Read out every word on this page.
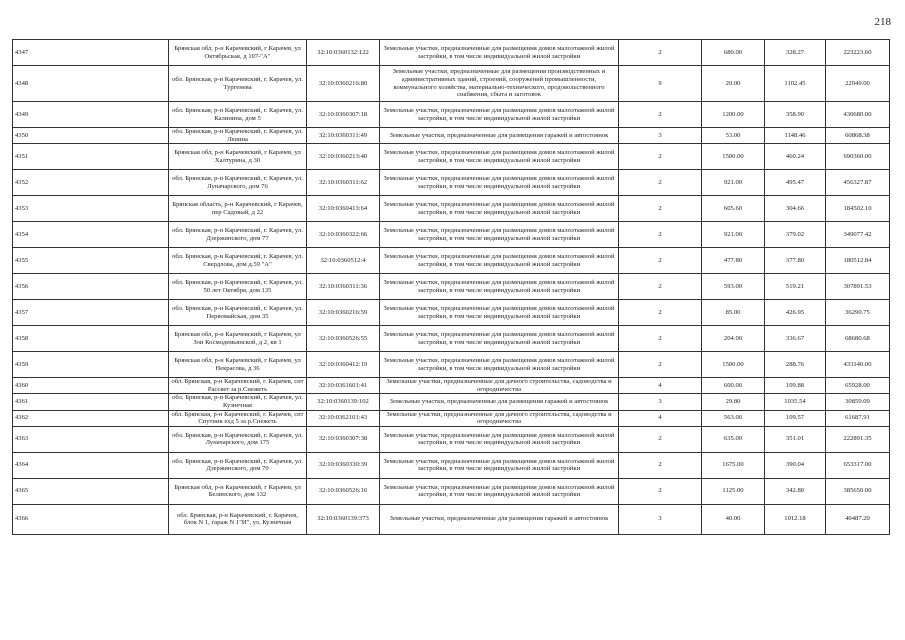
218
4347	Брянская обл, р-н Карачевский, г Карачев, ул Октябрьская, д 107-"А"	32:10:0360132:122	Земельные участки, предназначенные для размещения домов малоэтажной жилой застройки, в том числе индивидуальной жилой застройки	2	680.00	328.27	223223.60
4348	обл. Брянская, р-н Карачевский, г. Карачев, ул. Тургенева	32:10:0360216:80	Земельные участки, предназначенные для размещения производственных и административных зданий, строений, сооружений промышленности, коммунального хозяйства, материально-технического, продовольственного снабжения, сбыта и заготовок	9	20.00	1102.45	22049.00
4349	обл. Брянская, р-н Карачевский, г. Карачев, ул. Калинина, дом 5	32:10:0360307:18	Земельные участки, предназначенные для размещения домов малоэтажной жилой застройки, в том числе индивидуальной жилой застройки	2	1200.00	358.90	430680.00
4350	обл. Брянская, р-н Карачевский, г. Карачев, ул. Ленина	32:10:0360311:49	Земельные участки, предназначенные для размещения гаражей и автостоянок	3	53.00	1148.46	60868.38
4351	Брянская обл, р-н Карачевский, г Карачев, ул Халтурина, д 30	32:10:0360213:40	Земельные участки, предназначенные для размещения домов малоэтажной жилой застройки, в том числе индивидуальной жилой застройки	2	1500.00	460.24	690360.00
4352	обл. Брянская, р-н Карачевский, г. Карачев, ул. Луначарского, дом 76	32:10:0360311:62	Земельные участки, предназначенные для размещения домов малоэтажной жилой застройки, в том числе индивидуальной жилой застройки	2	921.00	495.47	456327.87
4353	Брянская область, р-н Карачевский, г Карачев, пер Садовый, д 22	32:10:0360413:64	Земельные участки, предназначенные для размещения домов малоэтажной жилой застройки, в том числе индивидуальной жилой застройки	2	605.60	304.66	184502.10
4354	обл. Брянская, р-н Карачевский, г. Карачев, ул. Дзержинского, дом 77	32:10:0360322:66	Земельные участки, предназначенные для размещения домов малоэтажной жилой застройки, в том числе индивидуальной жилой застройки	2	921.00	379.02	349077.42
4355	обл. Брянская, р-н Карачевский, г. Карачев, ул. Свердлова, дом д.59 "А"	32:10:0360512:4	Земельные участки, предназначенные для размещения домов малоэтажной жилой застройки, в том числе индивидуальной жилой застройки	2	477.80	377.80	180512.84
4356	обл. Брянская, р-н Карачевский, г. Карачев, ул. 50 лет Октября, дом 135	32:10:0360311:36	Земельные участки, предназначенные для размещения домов малоэтажной жилой застройки, в том числе индивидуальной жилой застройки	2	593.00	519.21	307891.53
4357	обл. Брянская, р-н Карачевский, г. Карачев, ул. Первомайская, дом 35	32:10:0360216:59	Земельные участки, предназначенные для размещения домов малоэтажной жилой застройки, в том числе индивидуальной жилой застройки	2	85.00	426.95	36290.75
4358	Брянская обл, р-н Карачевский, г Карачев, ул Зои Космодемьянской, д 2, кв 1	32:10:0360526:55	Земельные участки, предназначенные для размещения домов малоэтажной жилой застройки, в том числе индивидуальной жилой застройки	2	204.00	336.67	68680.68
4359	Брянская обл, р-н Карачевский, г Карачев, ул Некрасова, д 36	32:10:0360412:19	Земельные участки, предназначенные для размещения домов малоэтажной жилой застройки, в том числе индивидуальной жилой застройки	2	1500.00	288.76	433140.00
4360	обл. Брянская, р-н Карачевский, г. Карачев, снт Рассвет за р.Снежеть	32:10:0361601:41	Земельные участки, предназначенные для дачного строительства, садоводства и огородничества	4	600.00	109.88	65928.00
4361	обл. Брянская, р-н Карачевский, г. Карачев, ул. Кузнечная	32:10:0360139:102	Земельные участки, предназначенные для размещения гаражей и автостоянок	3	29.80	1035.54	30859.09
4362	обл. Брянская, р-н Карачевский, г. Карачев, снт Спутник ехд 5 за р.Снежеть	32:10:0362101:43	Земельные участки, предназначенные для дачного строительства, садоводства и огородничества	4	563.00	109.57	61687.91
4363	обл. Брянская, р-н Карачевский, г. Карачев, ул. Луначарского, дом 175	32:10:0360307:38	Земельные участки, предназначенные для размещения домов малоэтажной жилой застройки, в том числе индивидуальной жилой застройки	2	635.00	351.01	222891.35
4364	обл. Брянская, р-н Карачевский, г. Карачев, ул. Дзержинского, дом 70	32:10:0360330:39	Земельные участки, предназначенные для размещения домов малоэтажной жилой застройки, в том числе индивидуальной жилой застройки	2	1675.00	390.04	653317.00
4365	Брянская обл, р-н Карачевский, г Карачев, ул Белинского, дом 132	32:10:0360526:16	Земельные участки, предназначенные для размещения домов малоэтажной жилой застройки, в том числе индивидуальной жилой застройки	2	1125.00	342.80	385650.00
4366	обл. Брянская, р-н Карачевский, г. Карачев, блок N 1, гараж N 1"И", ул. Кузнечная	32:10:0360139:373	Земельные участки, предназначенные для размещения гаражей и автостоянок	3	40.00	1012.18	40487.20
